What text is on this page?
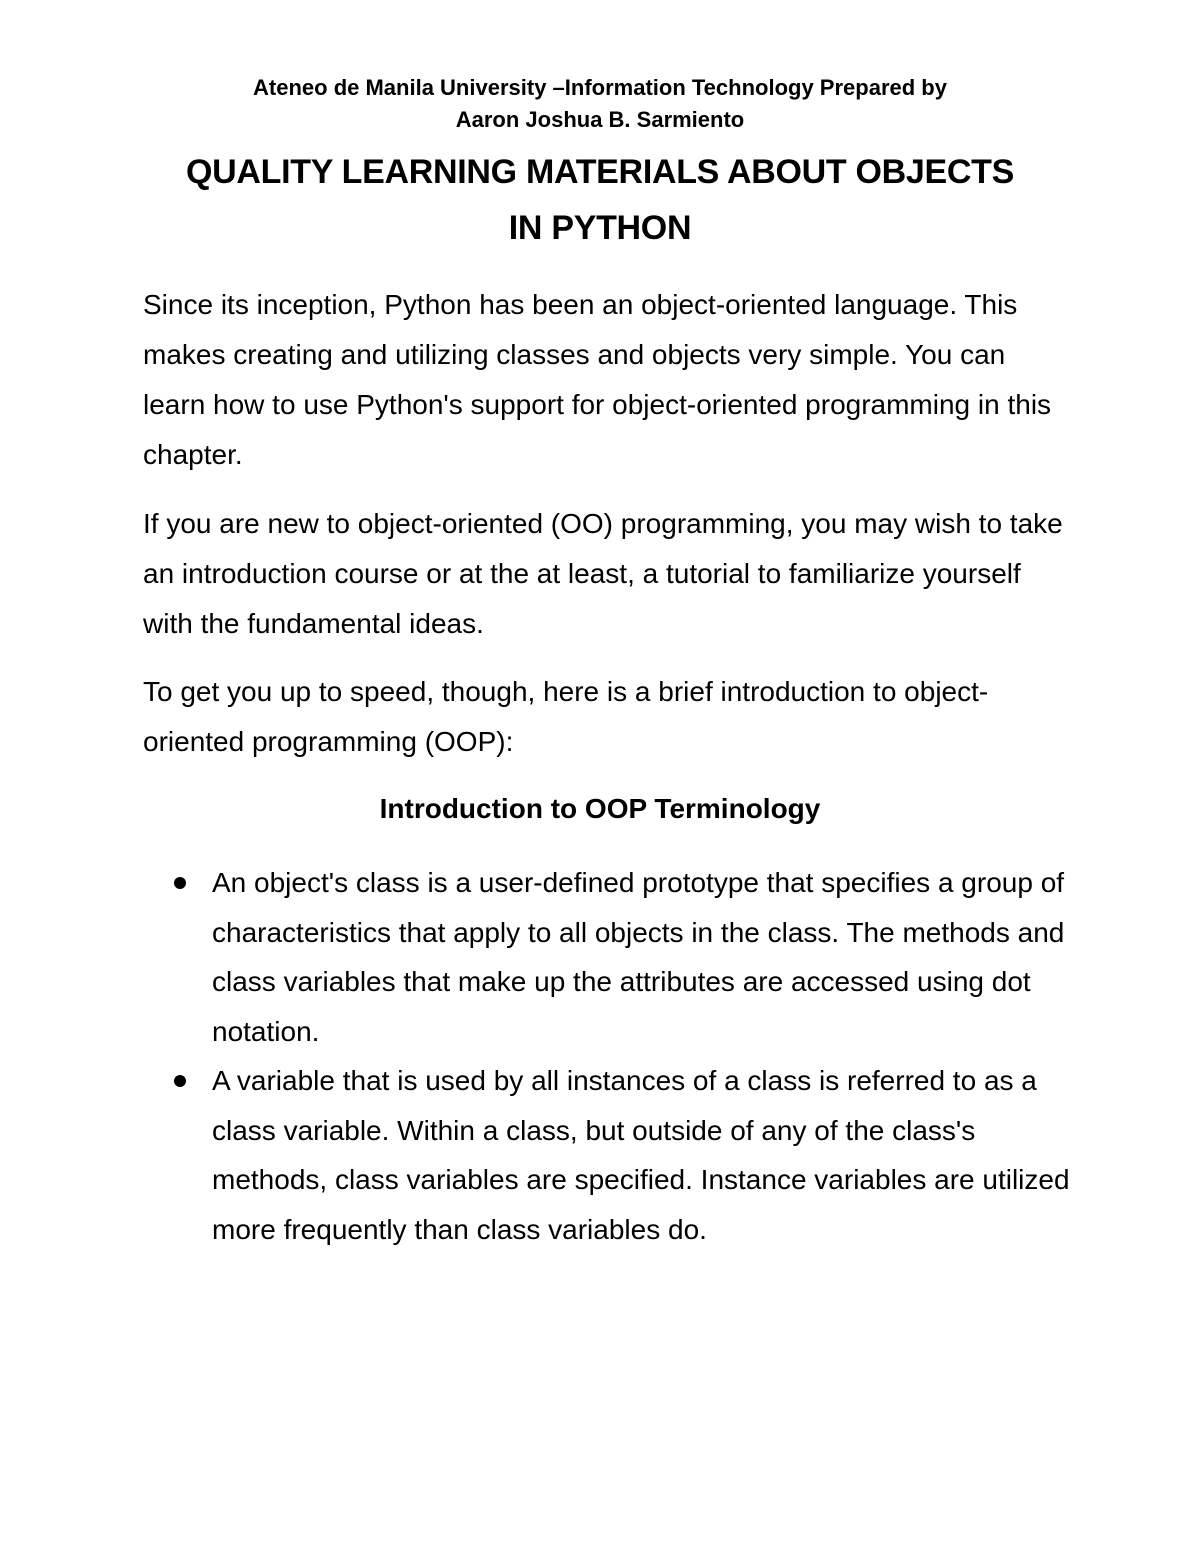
Ateneo de Manila University –Information Technology Prepared by
Aaron Joshua B. Sarmiento
QUALITY LEARNING MATERIALS ABOUT OBJECTS
IN PYTHON

Since its inception, Python has been an object-oriented language. This makes creating and utilizing classes and objects very simple. You can learn how to use Python's support for object-oriented programming in this chapter.

If you are new to object-oriented (OO) programming, you may wish to take an introduction course or at the at least, a tutorial to familiarize yourself with the fundamental ideas.

To get you up to speed, though, here is a brief introduction to object-oriented programming (OOP):

Introduction to OOP Terminology
An object's class is a user-defined prototype that specifies a group of characteristics that apply to all objects in the class. The methods and class variables that make up the attributes are accessed using dot notation.
A variable that is used by all instances of a class is referred to as a class variable. Within a class, but outside of any of the class's methods, class variables are specified. Instance variables are utilized more frequently than class variables do.
